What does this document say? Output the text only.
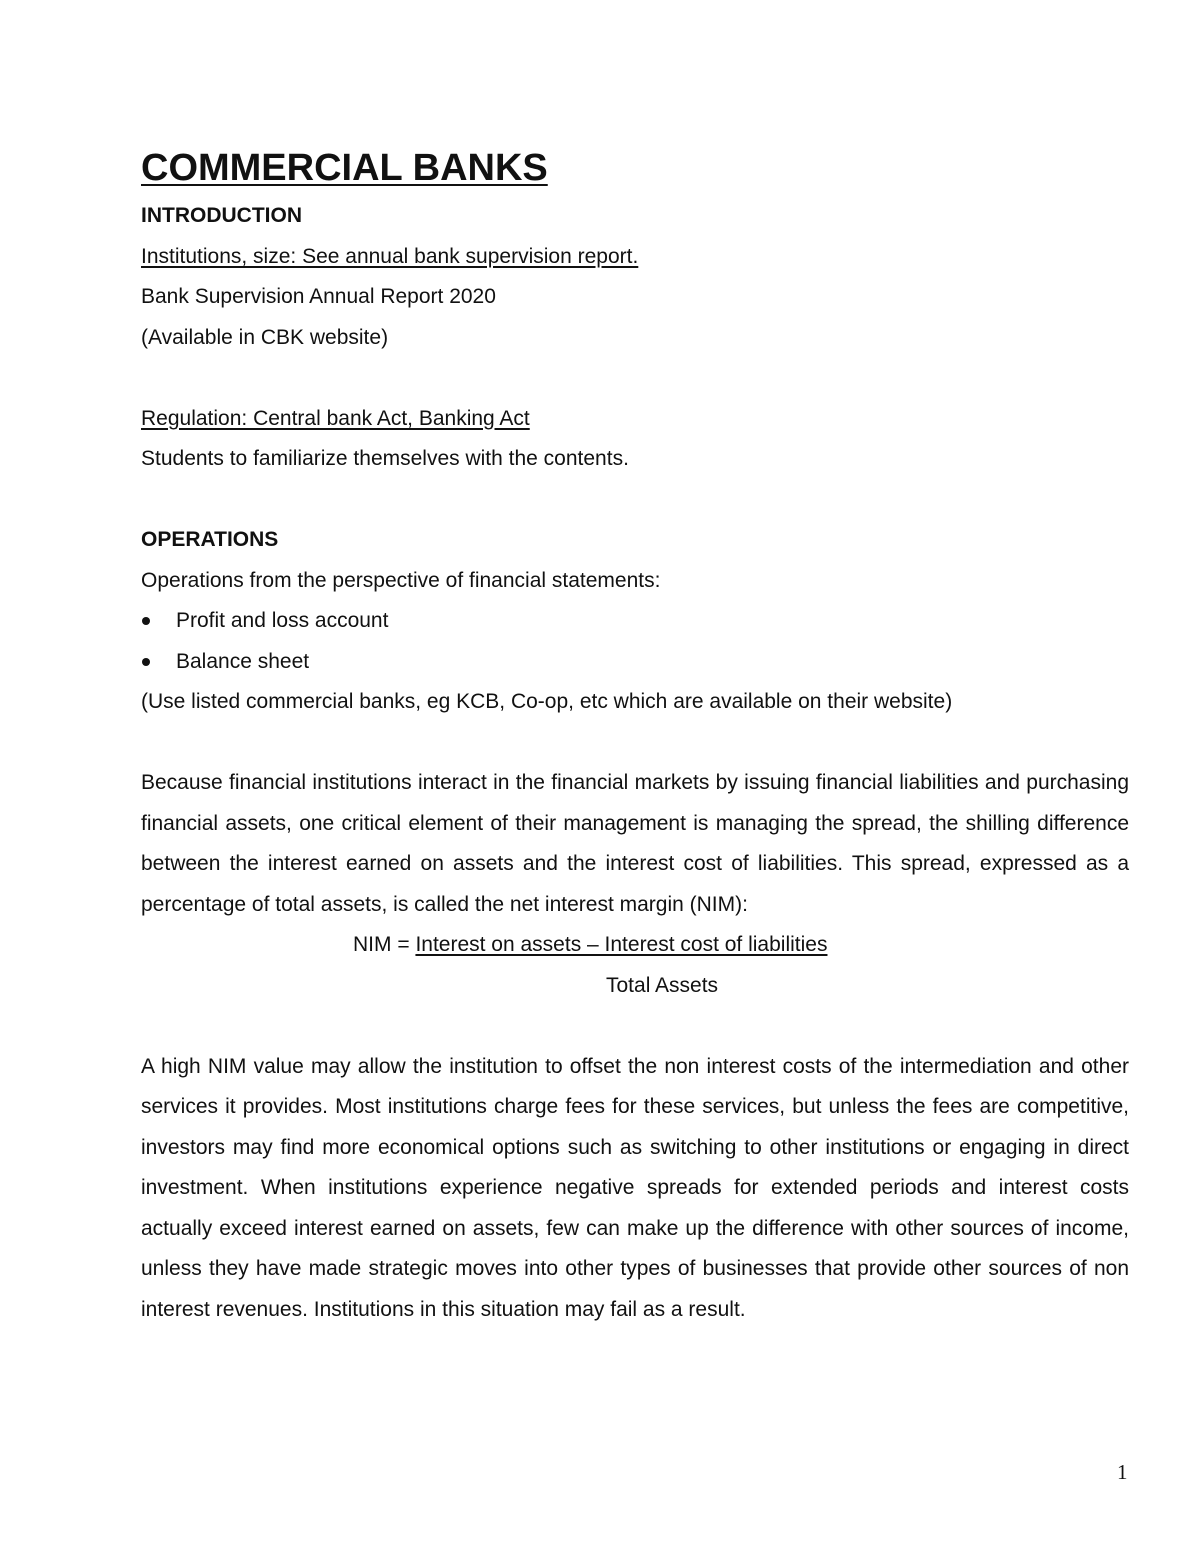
COMMERCIAL BANKS

INTRODUCTION

Institutions, size: See annual bank supervision report.

Bank Supervision Annual Report 2020

(Available in CBK website)

Regulation: Central bank Act, Banking Act

Students to familiarize themselves with the contents.

OPERATIONS

Operations from the perspective of financial statements:

Profit and loss account
Balance sheet

(Use listed commercial banks, eg KCB, Co-op, etc which are available on their website)

Because financial institutions interact in the financial markets by issuing financial liabilities and purchasing financial assets, one critical element of their management is managing the spread, the shilling difference between the interest earned on assets and the interest cost of liabilities. This spread, expressed as a percentage of total assets, is called the net interest margin (NIM):

NIM = Interest on assets – Interest cost of liabilities
Total Assets

A high NIM value may allow the institution to offset the non interest costs of the intermediation and other services it provides. Most institutions charge fees for these services, but unless the fees are competitive, investors may find more economical options such as switching to other institutions or engaging in direct investment. When institutions experience negative spreads for extended periods and interest costs actually exceed interest earned on assets, few can make up the difference with other sources of income, unless they have made strategic moves into other types of businesses that provide other sources of non interest revenues. Institutions in this situation may fail as a result.

1
